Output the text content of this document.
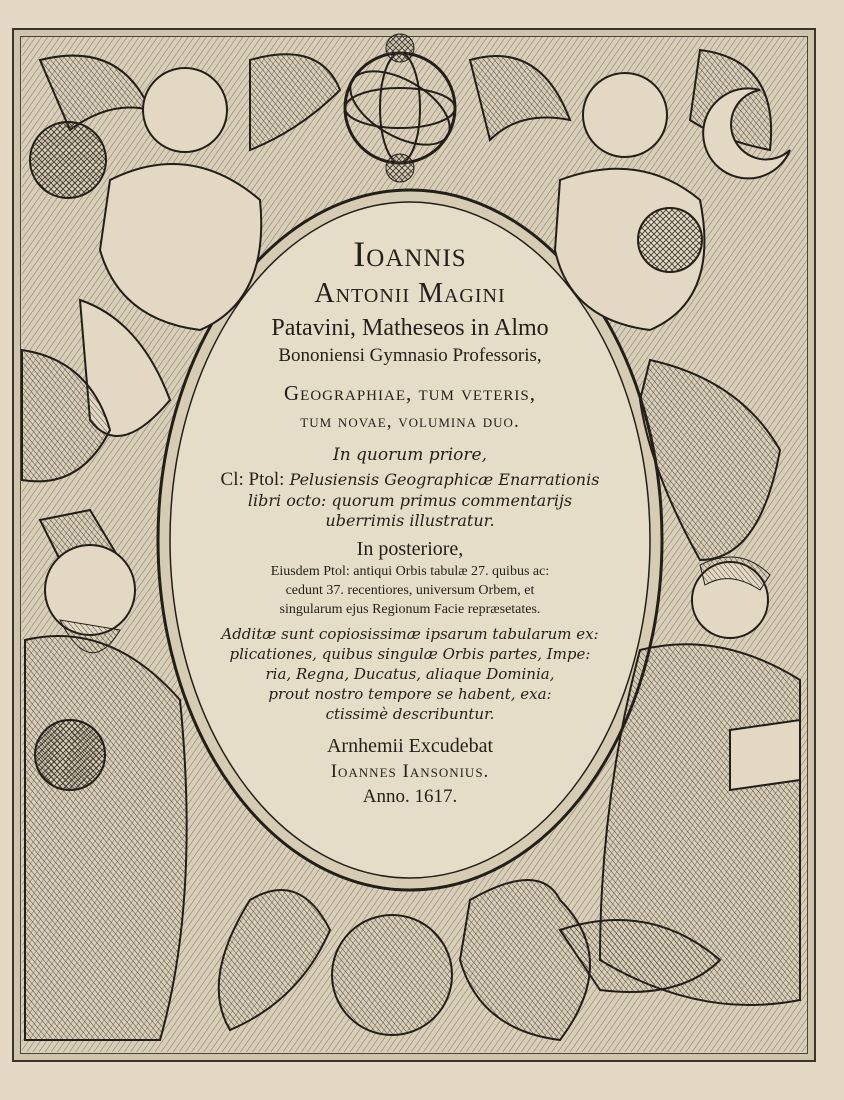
Ioannis
Antonii Magini
Patavini, Matheseos in Almo
Bononiensi Gymnasio Professoris,
Geographiae, tum veteris,
tum novae, volumina duo.
In quorum priore,
Cl: Ptol: Pelusiensis Geographicæ Enarrationis
libri octo: quorum primus commentarijs
uberrimis illustratur.
In posteriore,
Eiusdem Ptol: antiqui Orbis tabulæ 27. quibus ac:
cedunt 37. recentiores, universum Orbem, et
singularum ejus Regionum Facie repræsetates.
Additæ sunt copiosissimæ ipsarum tabularum ex:
plicationes, quibus singulæ Orbis partes, Impe:
ria, Regna, Ducatus, aliaque Dominia,
prout nostro tempore se habent, exa:
ctissimè describuntur.
Arnhemii Excudebat
Ioannes Iansonius.
Anno. 1617.
